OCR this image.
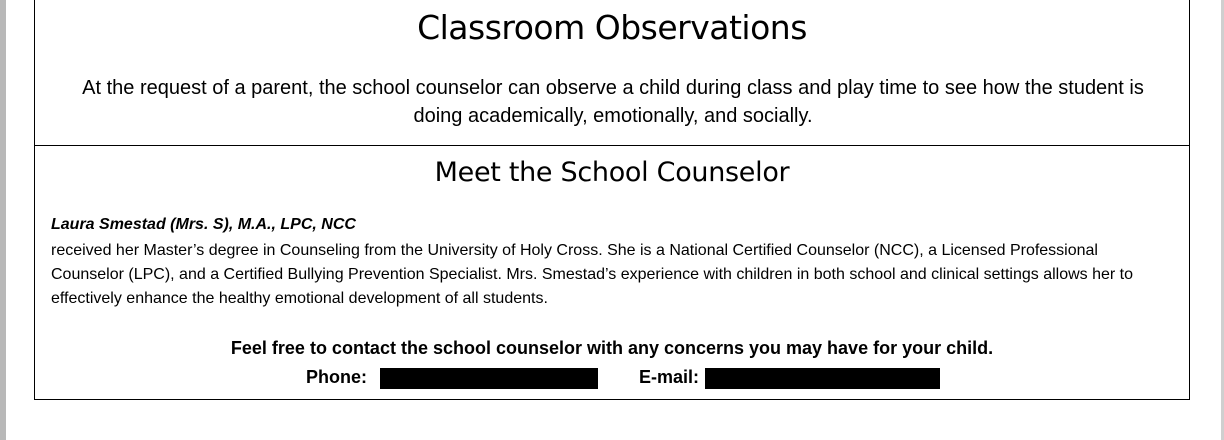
Classroom Observations

At the request of a parent, the school counselor can observe a child during class and play time to see how the student is doing academically, emotionally, and socially.

Meet the School Counselor

Laura Smestad (Mrs. S), M.A., LPC, NCC

received her Master’s degree in Counseling from the University of Holy Cross. She is a National Certified Counselor (NCC), a Licensed Professional Counselor (LPC), and a Certified Bullying Prevention Specialist. Mrs. Smestad’s experience with children in both school and clinical settings allows her to effectively enhance the healthy emotional development of all students.

Feel free to contact the school counselor with any concerns you may have for your child.

Phone:	E-mail:
